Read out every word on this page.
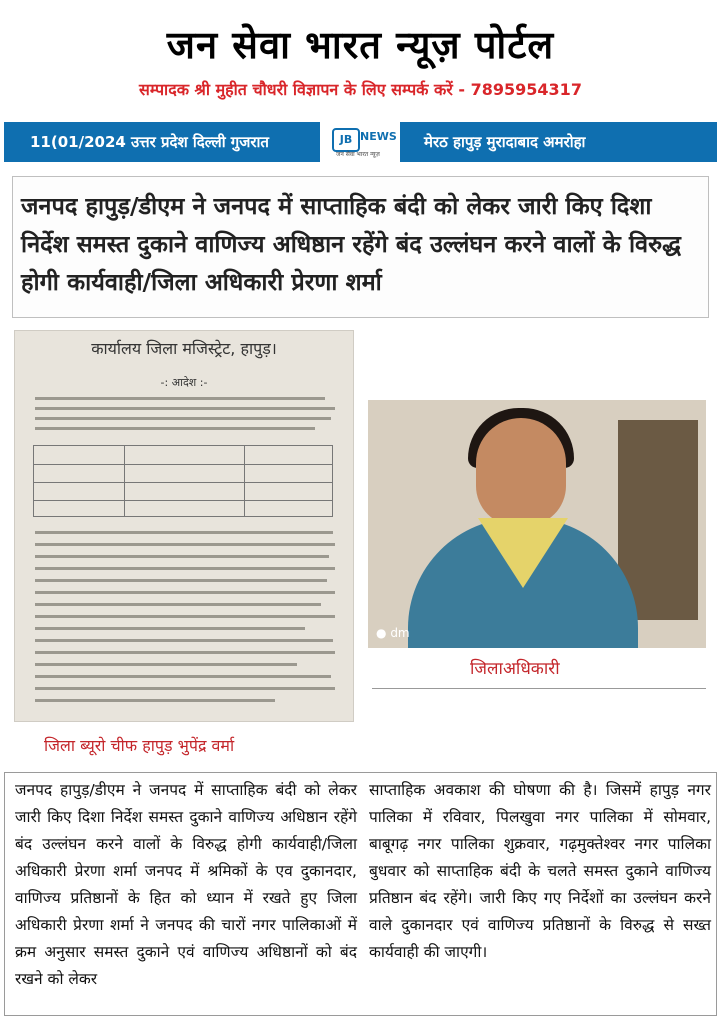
जन सेवा भारत न्यूज़ पोर्टल
सम्पादक श्री मुहीत चौधरी विज्ञापन के लिए सम्पर्क करें - 7895954317
11(01/2024 उत्तर प्रदेश दिल्ली गुजरात	JB NEWS
जन सेवा भारत न्यूज़
मेरठ हापुड़ मुरादाबाद अमरोहा
जनपद हापुड़/डीएम ने जनपद में साप्ताहिक बंदी को लेकर जारी किए दिशा निर्देश समस्त दुकाने वाणिज्य अधिष्ठान रहेंगे बंद उल्लंघन करने वालों के विरुद्ध होगी कार्यवाही/जिला अधिकारी प्रेरणा शर्मा
कार्यालय जिला मजिस्ट्रेट, हापुड़।
-: आदेश :-
जिला ब्यूरो चीफ हापुड़ भुपेंद्र वर्मा
● dm
जिलाअधिकारी
जनपद हापुड़/डीएम ने जनपद में साप्ताहिक बंदी को लेकर जारी किए दिशा निर्देश समस्त दुकाने वाणिज्य अधिष्ठान रहेंगे बंद उल्लंघन करने वालों के विरुद्ध होगी कार्यवाही/जिला अधिकारी प्रेरणा शर्मा जनपद में श्रमिकों के एव दुकानदार, वाणिज्य प्रतिष्ठानों के हित को ध्यान में रखते हुए जिला अधिकारी प्रेरणा शर्मा ने जनपद की चारों नगर पालिकाओं में क्रम अनुसार समस्त दुकाने एवं वाणिज्य अधिष्ठानों को बंद रखने को लेकर
साप्ताहिक अवकाश की घोषणा की है। जिसमें हापुड़ नगर पालिका में रविवार, पिलखुवा नगर पालिका में सोमवार, बाबूगढ़ नगर पालिका शुक्रवार, गढ़मुक्तेश्वर नगर पालिका बुधवार को साप्ताहिक बंदी के चलते समस्त दुकाने वाणिज्य प्रतिष्ठान बंद रहेंगे। जारी किए गए निर्देशों का उल्लंघन करने वाले दुकानदार एवं वाणिज्य प्रतिष्ठानों के विरुद्ध से सख्त कार्यवाही की जाएगी।
